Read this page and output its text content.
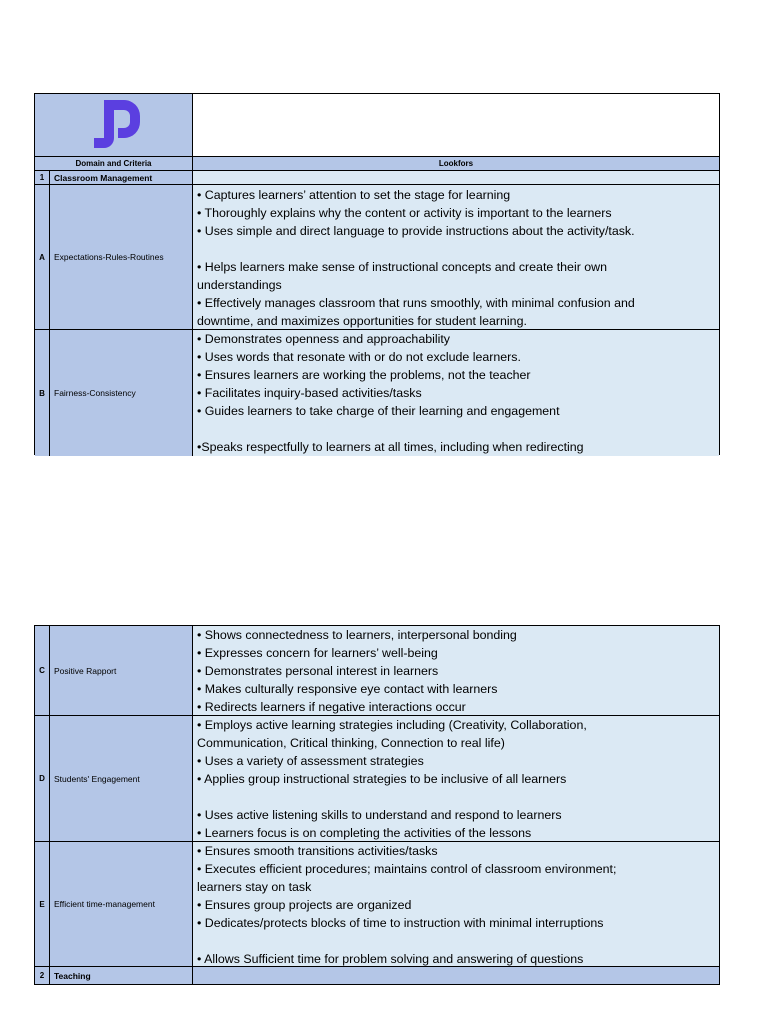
Domain and Criteria	Lookfors
1	Classroom Management
A	Expectations-Rules-Routines
• Captures learners’ attention to set the stage for learning
• Thoroughly explains why the content or activity is important to the learners
• Uses simple and direct language to provide instructions about the activity/task.
• Helps learners make sense of instructional concepts and create their own
understandings
• Effectively manages classroom that runs smoothly, with minimal confusion and
downtime, and maximizes opportunities for student learning.
B	Fairness-Consistency
• Demonstrates openness and approachability
• Uses words that resonate with or do not exclude learners.
• Ensures learners are working the problems, not the teacher
• Facilitates inquiry-based activities/tasks
• Guides learners to take charge of their learning and engagement
•Speaks respectfully to learners at all times, including when redirecting
C	Positive Rapport
• Shows connectedness to learners, interpersonal bonding
• Expresses concern for learners’ well-being
• Demonstrates personal interest in learners
• Makes culturally responsive eye contact with learners
• Redirects learners if negative interactions occur
D	Students' Engagement
• Employs active learning strategies including (Creativity, Collaboration,
Communication, Critical thinking, Connection to real life)
• Uses a variety of assessment strategies
• Applies group instructional strategies to be inclusive of all learners
• Uses active listening skills to understand and respond to learners
• Learners focus is on completing the activities of the lessons
E	Efficient time-management
• Ensures smooth transitions activities/tasks
• Executes efficient procedures; maintains control of classroom environment;
learners stay on task
• Ensures group projects are organized
• Dedicates/protects blocks of time to instruction with minimal interruptions
• Allows Sufficient time for problem solving and answering of questions
2	Teaching
